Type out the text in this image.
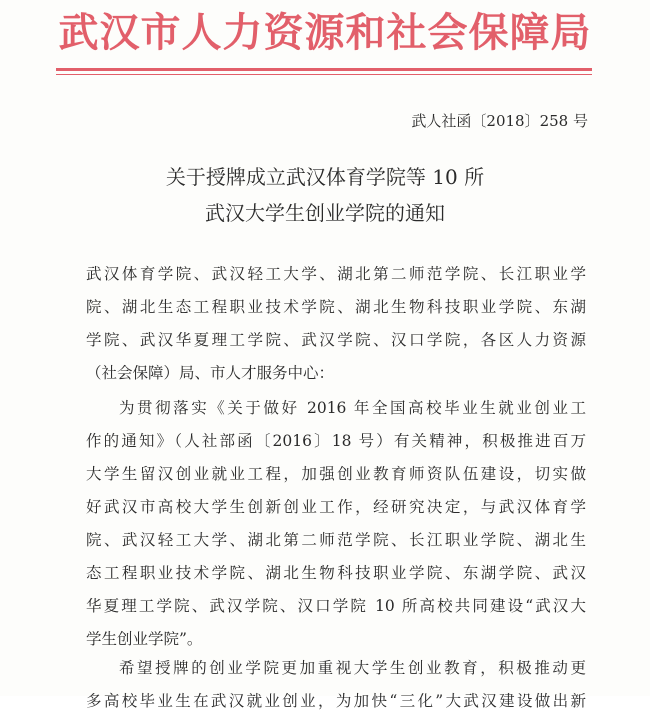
武汉市人力资源和社会保障局
武人社函〔2018〕258 号
关于授牌成立武汉体育学院等 10 所
武汉大学生创业学院的通知
武汉体育学院、武汉轻工大学、湖北第二师范学院、长江职业学
院、湖北生态工程职业技术学院、湖北生物科技职业学院、东湖
学院、武汉华夏理工学院、武汉学院、汉口学院，各区人力资源
（社会保障）局、市人才服务中心：
为贯彻落实《关于做好 2016 年全国高校毕业生就业创业工
作的通知》（人社部函〔2016〕18 号）有关精神，积极推进百万
大学生留汉创业就业工程，加强创业教育师资队伍建设，切实做
好武汉市高校大学生创新创业工作，经研究决定，与武汉体育学
院、武汉轻工大学、湖北第二师范学院、长江职业学院、湖北生
态工程职业技术学院、湖北生物科技职业学院、东湖学院、武汉
华夏理工学院、武汉学院、汉口学院 10 所高校共同建设“武汉大
学生创业学院”。
希望授牌的创业学院更加重视大学生创业教育，积极推动更
多高校毕业生在武汉就业创业，为加快“三化”大武汉建设做出新
